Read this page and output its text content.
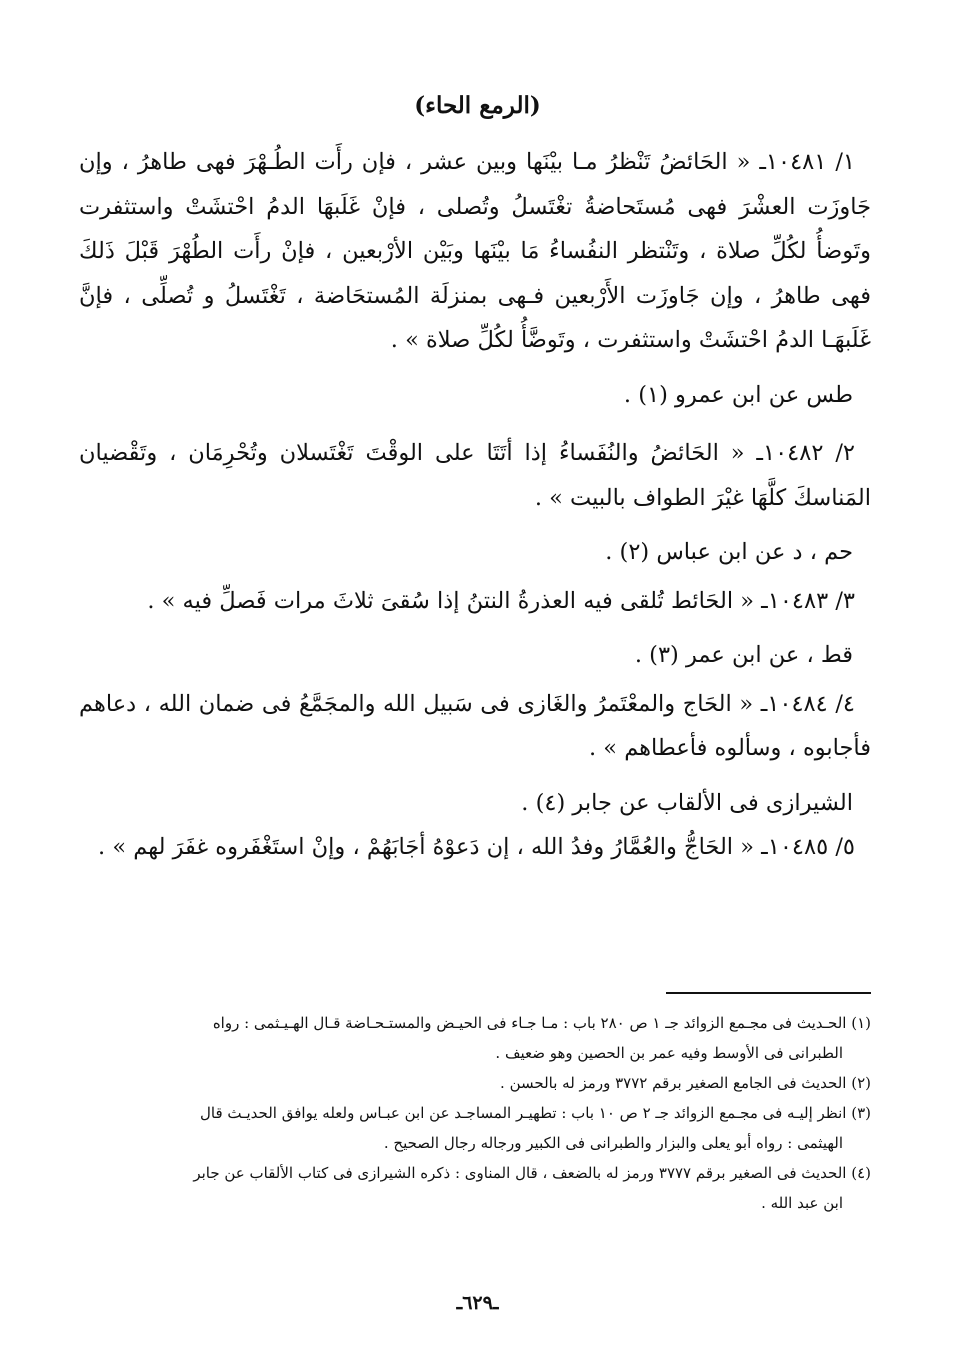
(الرمع الحاء)

١/ ١٠٤٨١ـ « الحَائضُ تَنْظرُ مـا بيْنَها وبين عشر ، فإن رأَت الطُـهْرَ فهى طاهرُ ، وإن جَاوزَت العشْرَ فهى مُستَحاضةُ تغْتَسلُ وتُصلى ، فإنْ غَلَبهَا الدمُ احْتشَتْ واستثفرت وتَوضأُ لكُلِّ صلاة ، وتَنْتظر النفُساءُ مَا بيْنَها وبَيْن الأرْبعين ، فإنْ رأَت الطُهْرَ قَبْلَ ذَلكَ فهى طاهرُ ، وإن جَاوزَت الأَرْبعين فـهى بمنزلَة المُستحَاضة ، تَغْتَسلُ و تُصلِّى ، فإنَّ غَلَبهَـا الدمُ احْتشَتْ واستثفرت ، وتَوضَّأُ لكُلِّ صلاة » .

طس عن ابن عمرو (١) .

٢/ ١٠٤٨٢ـ « الحَائضُ والنُفَساءُ إذا أتَتَا على الوقْتَ تَغْتَسلان وتُحْرِمَان ، وتَقْضيان المَناسكَ كلَّهَا غيْرَ الطواف بالبيت » .

حم ، د عن ابن عباس (٢) .

٣/ ١٠٤٨٣ـ « الحَائط تُلقى فيه العذرةُ النتنُ إذا سُقىَ ثلاثَ مرات فَصلِّ فيه » .

قط ، عن ابن عمر (٣) .

٤/ ١٠٤٨٤ـ « الحَاج والمعْتَمرُ والغَازى فى سَبيل الله والمجَمَّعُ فى ضمان الله ، دعاهم فأجابوه ، وسألوه فأعطاهم » .

الشيرازى فى الألقاب عن جابر (٤) .

٥/ ١٠٤٨٥ـ « الحَاجُّ والعُمَّارُ وفدُ الله ، إن دَعوْهُ أجَابَهُمْ ، وإنْ استَغْفَروه غفَرَ لهم » .

(١) الحـديث فى مجـمع الزوائد جـ ١ ص ٢٨٠ باب : مـا جـاء فى الحيـض والمستـحـاضة قـال الهـيـثمى : رواه

الطبرانى فى الأوسط وفيه عمر بن الحصين وهو ضعيف .

(٢) الحديث فى الجامع الصغير برقم ٣٧٧٢ ورمز له بالحسن .

(٣) انظر إليـه فى مجـمع الزوائد جـ ٢ ص ١٠ باب : تطهيـر المساجـد عن ابن عبـاس ولعله يوافق الحديـث قال

الهيثمى : رواه أبو يعلى والبزار والطبرانى فى الكبير ورجاله رجال الصحيح .

(٤) الحديث فى الصغير برقم ٣٧٧٧ ورمز له بالضعف ، قال المناوى : ذكره الشيرازى فى كتاب الألقاب عن جابر

ابن عبد الله .

ـ٦٢٩ـ
